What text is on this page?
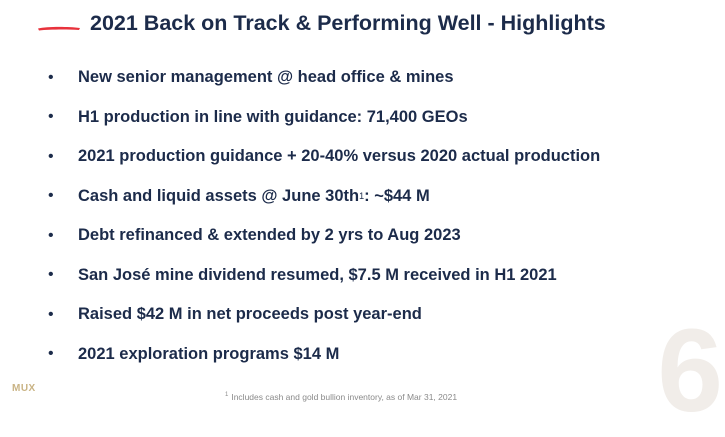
2021 Back on Track & Performing Well - Highlights
•	New senior management @ head office & mines
•	H1 production in line with guidance: 71,400 GEOs
•	2021 production guidance + 20-40% versus 2020 actual production
•	Cash and liquid assets @ June 30th 1 : ~$44 M
•	Debt refinanced & extended by 2 yrs to Aug 2023
•	San José mine dividend resumed, $7.5 M received in H1 2021
•	Raised $42 M in net proceeds post year-end
•	2021 exploration programs $14 M	6
MUX
$^1$ Includes cash and gold bullion inventory, as of Mar 31, 2021
